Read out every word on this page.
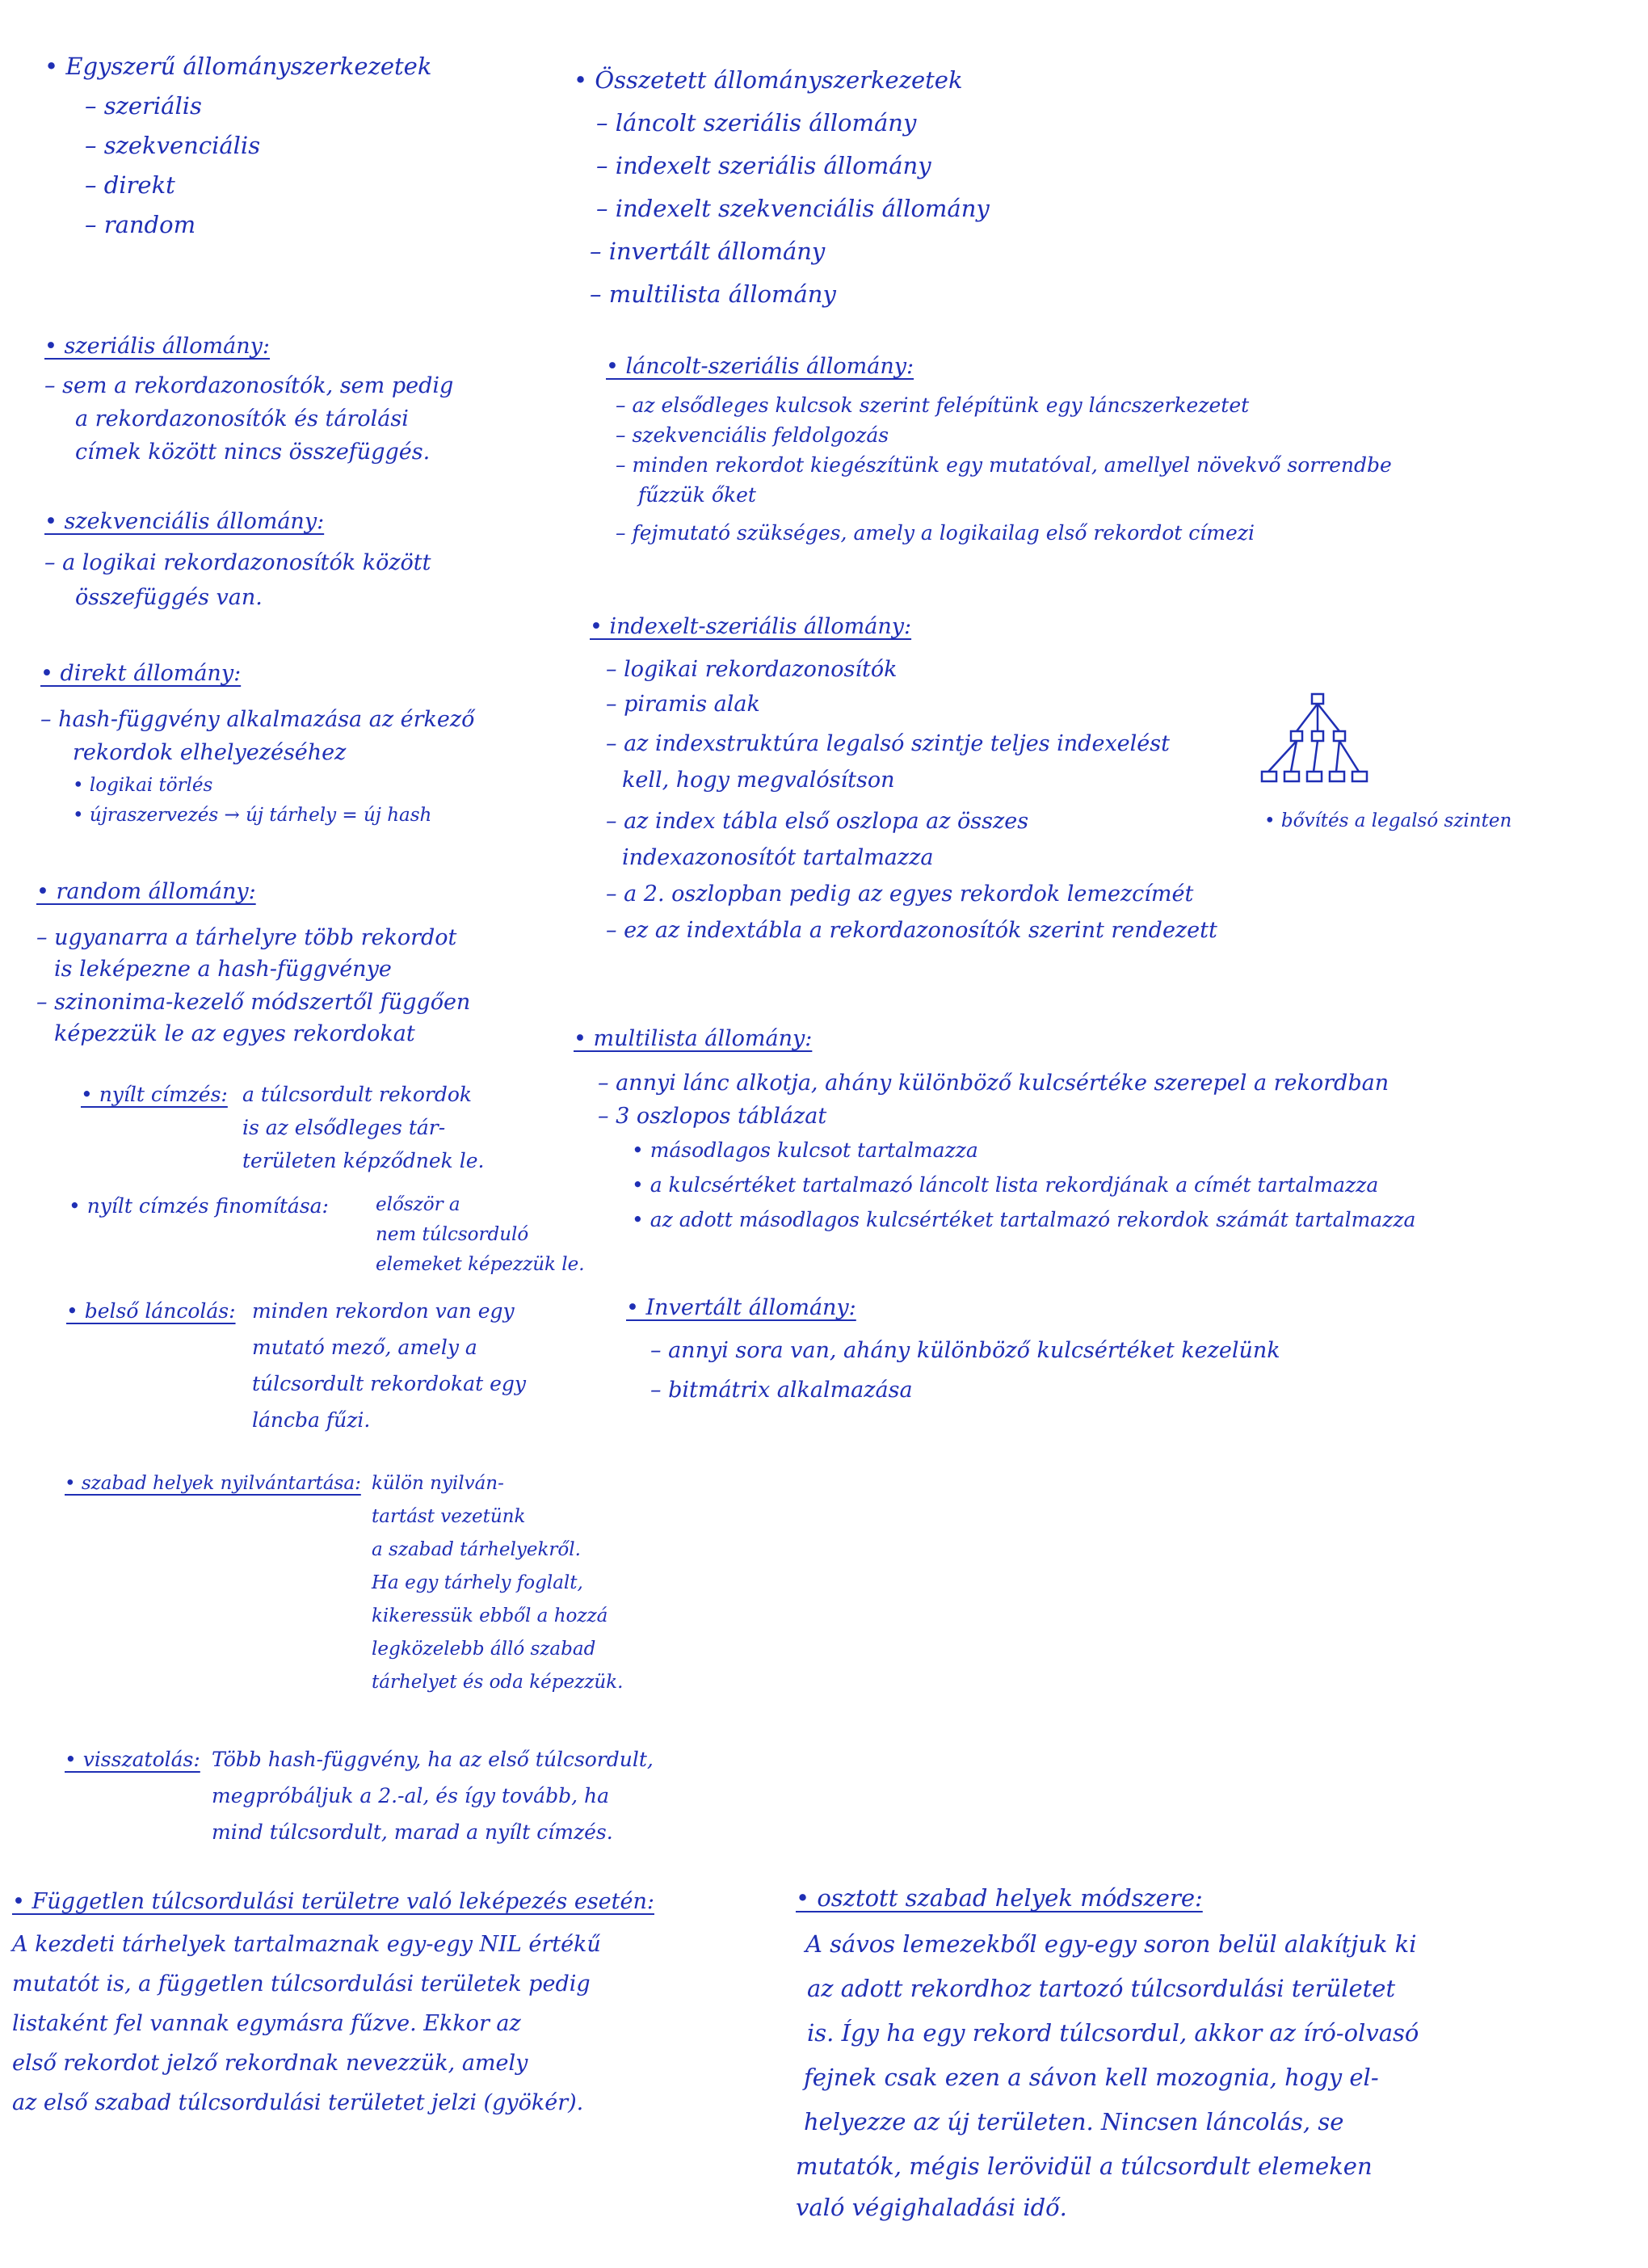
• Egyszerű állományszerkezetek
– szeriális
– szekvenciális
– direkt
– random
• szeriális állomány:
– sem a rekordazonosítók, sem pedig
a rekordazonosítók és tárolási
címek között nincs összefüggés.
• szekvenciális állomány:
– a logikai rekordazonosítók között
összefüggés van.
• direkt állomány:
– hash-függvény alkalmazása az érkező
rekordok elhelyezéséhez
• logikai törlés
• újraszervezés → új tárhely = új hash
• random állomány:
– ugyanarra a tárhelyre több rekordot
is leképezne a hash-függvénye
– szinonima-kezelő módszertől függően
képezzük le az egyes rekordokat
• nyílt címzés: a túlcsordult rekordok
is az elsődleges tár-
területen képződnek le.
• nyílt címzés finomítása:	először a
nem túlcsorduló
elemeket képezzük le.
• belső láncolás: minden rekordon van egy
mutató mező, amely a
túlcsordult rekordokat egy
láncba fűzi.
• szabad helyek nyilvántartása: külön nyilván-
tartást vezetünk
a szabad tárhelyekről.
Ha egy tárhely foglalt,
kikeressük ebből a hozzá
legközelebb álló szabad
tárhelyet és oda képezzük.
• visszatolás: Több hash-függvény, ha az első túlcsordult,
megpróbáljuk a 2.-al, és így tovább, ha
mind túlcsordult, marad a nyílt címzés.
• Összetett állományszerkezetek
– láncolt szeriális állomány
– indexelt szeriális állomány
– indexelt szekvenciális állomány
– invertált állomány
– multilista állomány
• láncolt-szeriális állomány:
– az elsődleges kulcsok szerint felépítünk egy láncszerkezetet
– szekvenciális feldolgozás
– minden rekordot kiegészítünk egy mutatóval, amellyel növekvő sorrendbe
fűzzük őket
– fejmutató szükséges, amely a logikailag első rekordot címezi
• indexelt-szeriális állomány:
– logikai rekordazonosítók
– piramis alak
– az indexstruktúra legalsó szintje teljes indexelést
kell, hogy megvalósítson
– az index tábla első oszlopa az összes
indexazonosítót tartalmazza
– a 2. oszlopban pedig az egyes rekordok lemezcímét
– ez az indextábla a rekordazonosítók szerint rendezett
• bővítés a legalsó szinten
• multilista állomány:
– annyi lánc alkotja, ahány különböző kulcsértéke szerepel a rekordban
– 3 oszlopos táblázat
• másodlagos kulcsot tartalmazza
• a kulcsértéket tartalmazó láncolt lista rekordjának a címét tartalmazza
• az adott másodlagos kulcsértéket tartalmazó rekordok számát tartalmazza
• Invertált állomány:
– annyi sora van, ahány különböző kulcsértéket kezelünk
– bitmátrix alkalmazása
• Független túlcsordulási területre való leképezés esetén:
A kezdeti tárhelyek tartalmaznak egy-egy NIL értékű
mutatót is, a független túlcsordulási területek pedig
listaként fel vannak egymásra fűzve. Ekkor az
első rekordot jelző rekordnak nevezzük, amely
az első szabad túlcsordulási területet jelzi (gyökér).
• osztott szabad helyek módszere:
A sávos lemezekből egy-egy soron belül alakítjuk ki
az adott rekordhoz tartozó túlcsordulási területet
is. Így ha egy rekord túlcsordul, akkor az író-olvasó
fejnek csak ezen a sávon kell mozognia, hogy el-
helyezze az új területen. Nincsen láncolás, se
mutatók, mégis lerövidül a túlcsordult elemeken
való végighaladási idő.
